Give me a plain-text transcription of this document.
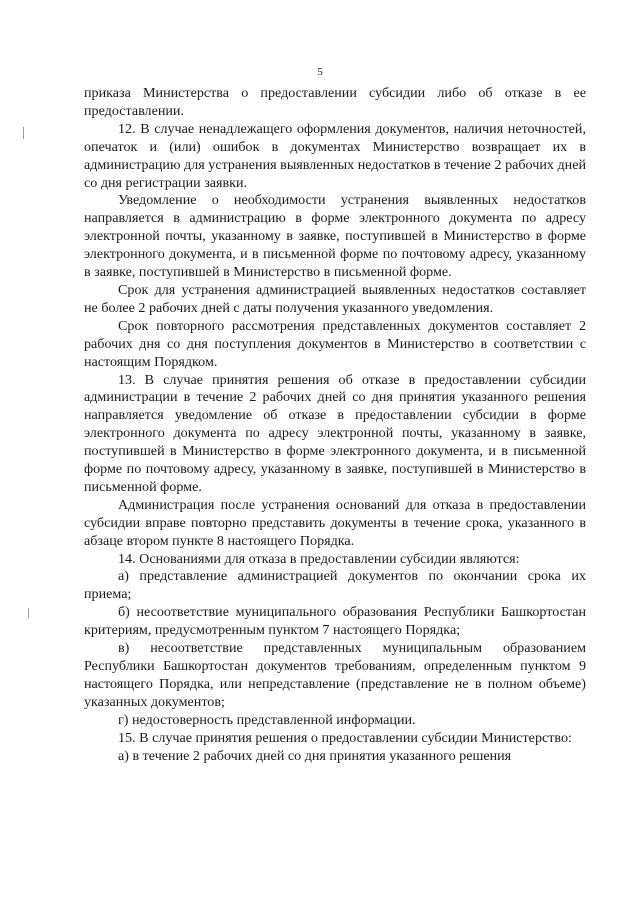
5

приказа Министерства о предоставлении субсидии либо об отказе в ее предоставлении.

12. В случае ненадлежащего оформления документов, наличия неточностей, опечаток и (или) ошибок в документах Министерство возвращает их в администрацию для устранения выявленных недостатков в течение 2 рабочих дней со дня регистрации заявки.

Уведомление о необходимости устранения выявленных недостатков направляется в администрацию в форме электронного документа по адресу электронной почты, указанному в заявке, поступившей в Министерство в форме электронного документа, и в письменной форме по почтовому адресу, указанному в заявке, поступившей в Министерство в письменной форме.

Срок для устранения администрацией выявленных недостатков составляет не более 2 рабочих дней с даты получения указанного уведомления.

Срок повторного рассмотрения представленных документов составляет 2 рабочих дня со дня поступления документов в Министерство в соответствии с настоящим Порядком.

13. В случае принятия решения об отказе в предоставлении субсидии администрации в течение 2 рабочих дней со дня принятия указанного решения направляется уведомление об отказе в предоставлении субсидии в форме электронного документа по адресу электронной почты, указанному в заявке, поступившей в Министерство в форме электронного документа, и в письменной форме по почтовому адресу, указанному в заявке, поступившей в Министерство в письменной форме.

Администрация после устранения оснований для отказа в предоставлении субсидии вправе повторно представить документы в течение срока, указанного в абзаце втором пункте 8 настоящего Порядка.

14. Основаниями для отказа в предоставлении субсидии являются:

а) представление администрацией документов по окончании срока их приема;

б) несоответствие муниципального образования Республики Башкортостан критериям, предусмотренным пунктом 7 настоящего Порядка;

в) несоответствие представленных муниципальным образованием Республики Башкортостан документов требованиям, определенным пунктом 9 настоящего Порядка, или непредставление (представление не в полном объеме) указанных документов;

г) недостоверность представленной информации.

15. В случае принятия решения о предоставлении субсидии Министерство:

а) в течение 2 рабочих дней со дня принятия указанного решения
